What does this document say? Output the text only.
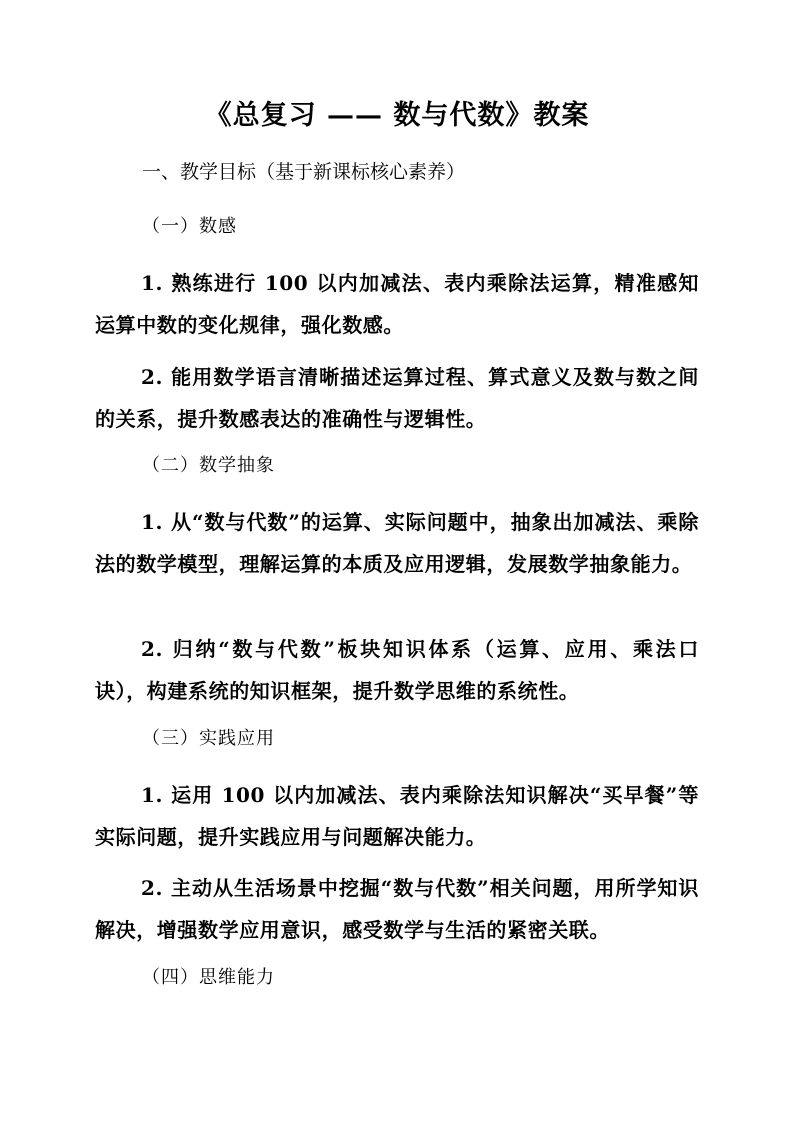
《总复习 —— 数与代数》教案

一、教学目标（基于新课标核心素养）

（一）数感

1. 熟练进行 100 以内加减法、表内乘除法运算，精准感知运算中数的变化规律，强化数感。

2. 能用数学语言清晰描述运算过程、算式意义及数与数之间的关系，提升数感表达的准确性与逻辑性。

（二）数学抽象

1. 从“数与代数”的运算、实际问题中，抽象出加减法、乘除法的数学模型，理解运算的本质及应用逻辑，发展数学抽象能力。

2. 归纳“数与代数”板块知识体系（运算、应用、乘法口诀），构建系统的知识框架，提升数学思维的系统性。

（三）实践应用

1. 运用 100 以内加减法、表内乘除法知识解决“买早餐”等实际问题，提升实践应用与问题解决能力。

2. 主动从生活场景中挖掘“数与代数”相关问题，用所学知识解决，增强数学应用意识，感受数学与生活的紧密关联。

（四）思维能力
